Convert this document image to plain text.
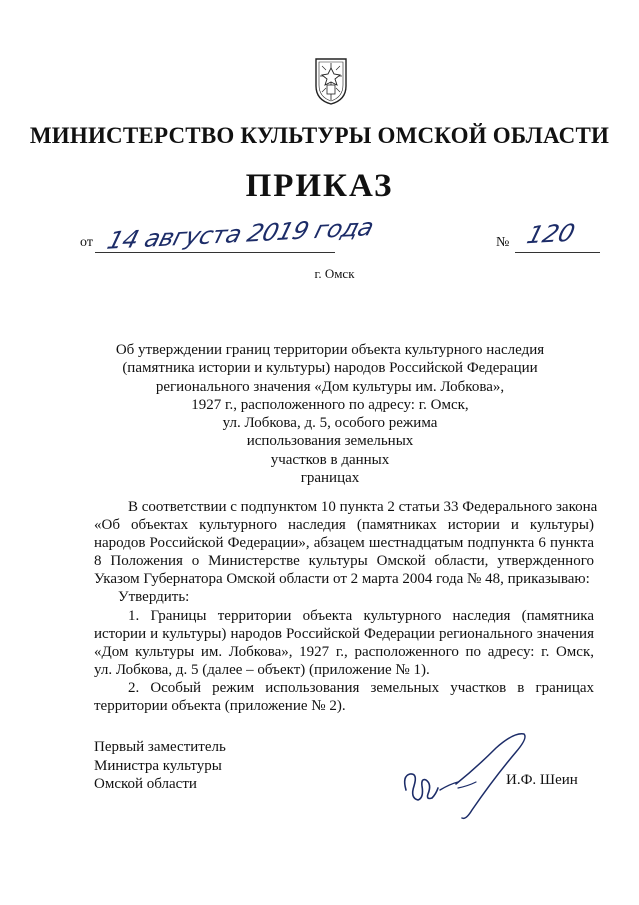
МИНИСТЕРСТВО КУЛЬТУРЫ ОМСКОЙ ОБЛАСТИ
ПРИКАЗ
от 14 августа 2019 года	№ 120
г. Омск
Об утверждении границ территории объекта культурного наследия
(памятника истории и культуры) народов Российской Федерации
регионального значения «Дом культуры им. Лобкова»,
1927 г., расположенного по адресу: г. Омск,
ул. Лобкова, д. 5, особого режима
использования земельных
участков в данных
границах
В соответствии с подпунктом 10 пункта 2 статьи 33 Федерального закона
«Об объектах культурного наследия (памятниках истории и культуры)
народов Российской Федерации», абзацем шестнадцатым подпункта 6 пункта
8 Положения о Министерстве культуры Омской области, утвержденного
Указом Губернатора Омской области от 2 марта 2004 года № 48, приказываю:
Утвердить:
1. Границы территории объекта культурного наследия (памятника
истории и культуры) народов Российской Федерации регионального значения
«Дом культуры им. Лобкова», 1927 г., расположенного по адресу: г. Омск,
ул. Лобкова, д. 5 (далее – объект) (приложение № 1).
2. Особый режим использования земельных участков в границах
территории объекта (приложение № 2).
Первый заместитель
Министра культуры
Омской области	И.Ф. Шеин
